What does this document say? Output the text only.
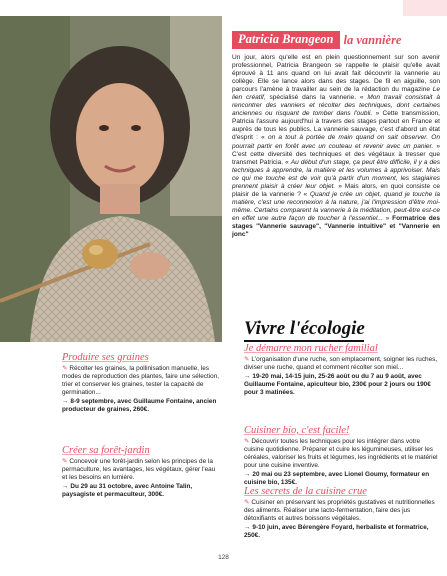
Patricia Brangeon la vannière
Un jour, alors qu'elle est en plein questionnement sur son avenir professionnel, Patricia Brangeon se rappelle le plaisir qu'elle avait éprouvé à 11 ans quand on lui avait fait découvrir la vannerie au collège. Elle se lance alors dans des stages. De fil en aiguille, son parcours l'amène à travailler au sein de la rédaction du magazine Le lien créatif, spécialisé dans la vannerie. « Mon travail consistait à rencontrer des vanniers et récolter des techniques, dont certaines anciennes ou risquant de tomber dans l'oubli. » Cette transmission, Patricia l'assure aujourd'hui à travers des stages partout en France et auprès de tous les publics. La vannerie sauvage, c'est d'abord un état d'esprit : « on a tout à portée de main quand on sait observer. On pourrait partir en forêt avec un couteau et revenir avec un panier. » C'est cette diversité des techniques et des végétaux à tresser que transmet Patricia. « Au début d'un stage, ça peut être difficile, il y a des techniques à apprendre, la matière et les volumes à apprivoiser. Mais ce qui me touche est de voir qu'à partir d'un moment, les stagiaires prennent plaisir à créer leur objet. » Mais alors, en quoi consiste ce plaisir de la vannerie ? « Quand je crée un objet, quand je touche la matière, c'est une reconnexion à la nature, j'ai l'impression d'être moi-même. Certains comparent la vannerie à la méditation, peut-être est-ce en effet une autre façon de toucher à l'essentiel... » Formatrice des stages "Vannerie sauvage", "Vannerie intuitive" et "Vannerie en jonc"
Vivre l'écologie
Je démarre mon rucher familial
✎ L'organisation d'une ruche, son emplacement, soigner les ruches, diviser une ruche, quand et comment récolter son miel...
→ 19-20 mai, 14-15 juin, 25-26 août ou du 7 au 9 août, avec Guillaume Fontaine, apiculteur bio, 230€ pour 2 jours ou 190€ pour 3 matinées.
Cuisiner bio, c'est facile!
✎ Découvrir toutes les techniques pour les intégrer dans votre cuisine quotidienne. Préparer et cuire les légumineuses, utiliser les céréales, valoriser les fruits et légumes, les ingrédients et le matériel pour une cuisine inventive.
→ 20 mai ou 23 septembre, avec Lionel Goumy, formateur en cuisine bio, 135€.
Les secrets de la cuisine crue
✎ Cuisiner en préservant les propriétés gustatives et nutritionnelles des aliments. Réaliser une lacto-fermentation, faire des jus détoxifiants et autres boissons végétales.
→ 9-10 juin, avec Bérengère Foyard, herbaliste et formatrice, 250€.
Produire ses graines
✎ Récolter les graines, la pollinisation manuelle, les modes de reproduction des plantes, faire une sélection, trier et conserver les graines, tester la capacité de germination...
→ 8-9 septembre, avec Guillaume Fontaine, ancien producteur de graines, 260€.
Créer sa forêt-jardin
✎ Concevoir une forêt-jardin selon les principes de la permaculture, les avantages, les végétaux, gérer l'eau et les besoins en lumière.
→ Du 29 au 31 octobre, avec Antoine Talin, paysagiste et permaculteur, 300€.
128
